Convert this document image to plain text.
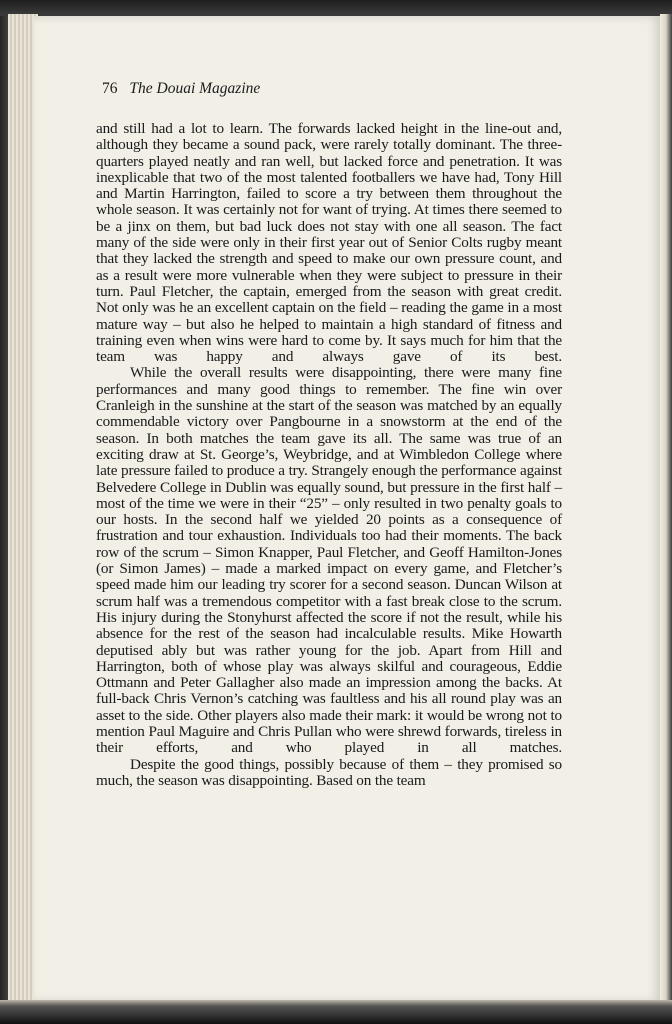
76 The Douai Magazine

and still had a lot to learn. The forwards lacked height in the line-out and, although they became a sound pack, were rarely totally dominant. The three-quarters played neatly and ran well, but lacked force and penetration. It was inexplicable that two of the most talented footballers we have had, Tony Hill and Martin Harrington, failed to score a try between them throughout the whole season. It was certainly not for want of trying. At times there seemed to be a jinx on them, but bad luck does not stay with one all season. The fact many of the side were only in their first year out of Senior Colts rugby meant that they lacked the strength and speed to make our own pressure count, and as a result were more vulnerable when they were subject to pressure in their turn. Paul Fletcher, the captain, emerged from the season with great credit. Not only was he an excellent captain on the field – reading the game in a most mature way – but also he helped to maintain a high standard of fitness and training even when wins were hard to come by. It says much for him that the team was happy and always gave of its best.

While the overall results were disappointing, there were many fine performances and many good things to remember. The fine win over Cranleigh in the sunshine at the start of the season was matched by an equally commendable victory over Pangbourne in a snowstorm at the end of the season. In both matches the team gave its all. The same was true of an exciting draw at St. George’s, Weybridge, and at Wimbledon College where late pressure failed to produce a try. Strangely enough the performance against Belvedere College in Dublin was equally sound, but pressure in the first half – most of the time we were in their “25” – only resulted in two penalty goals to our hosts. In the second half we yielded 20 points as a consequence of frustration and tour exhaustion. Individuals too had their moments. The back row of the scrum – Simon Knapper, Paul Fletcher, and Geoff Hamilton-Jones (or Simon James) – made a marked impact on every game, and Fletcher’s speed made him our leading try scorer for a second season. Duncan Wilson at scrum half was a tremendous competitor with a fast break close to the scrum. His injury during the Stonyhurst affected the score if not the result, while his absence for the rest of the season had incalculable results. Mike Howarth deputised ably but was rather young for the job. Apart from Hill and Harrington, both of whose play was always skilful and courageous, Eddie Ottmann and Peter Gallagher also made an impression among the backs. At full-back Chris Vernon’s catching was faultless and his all round play was an asset to the side. Other players also made their mark: it would be wrong not to mention Paul Maguire and Chris Pullan who were shrewd forwards, tireless in their efforts, and who played in all matches.

Despite the good things, possibly because of them – they promised so much, the season was disappointing. Based on the team
